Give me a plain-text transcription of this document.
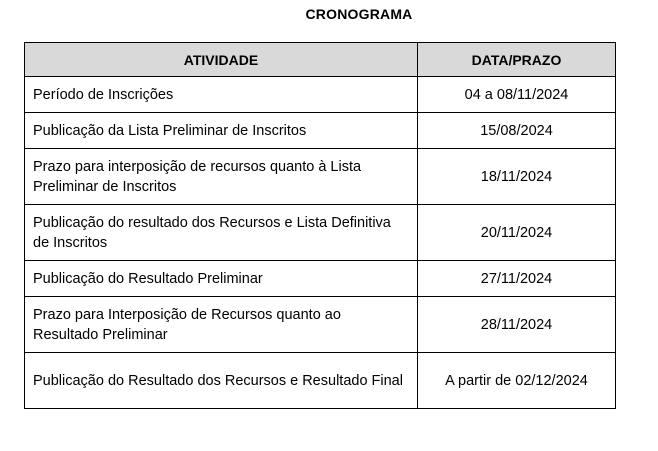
CRONOGRAMA
ATIVIDADE	DATA/PRAZO
Período de Inscrições	04 a 08/11/2024
Publicação da Lista Preliminar de Inscritos	15/08/2024
Prazo para interposição de recursos quanto à Lista Preliminar de Inscritos	18/11/2024
Publicação do resultado dos Recursos e Lista Definitiva de Inscritos	20/11/2024
Publicação do Resultado Preliminar	27/11/2024
Prazo para Interposição de Recursos quanto ao Resultado Preliminar	28/11/2024
Publicação do Resultado dos Recursos e Resultado Final	A partir de 02/12/2024
